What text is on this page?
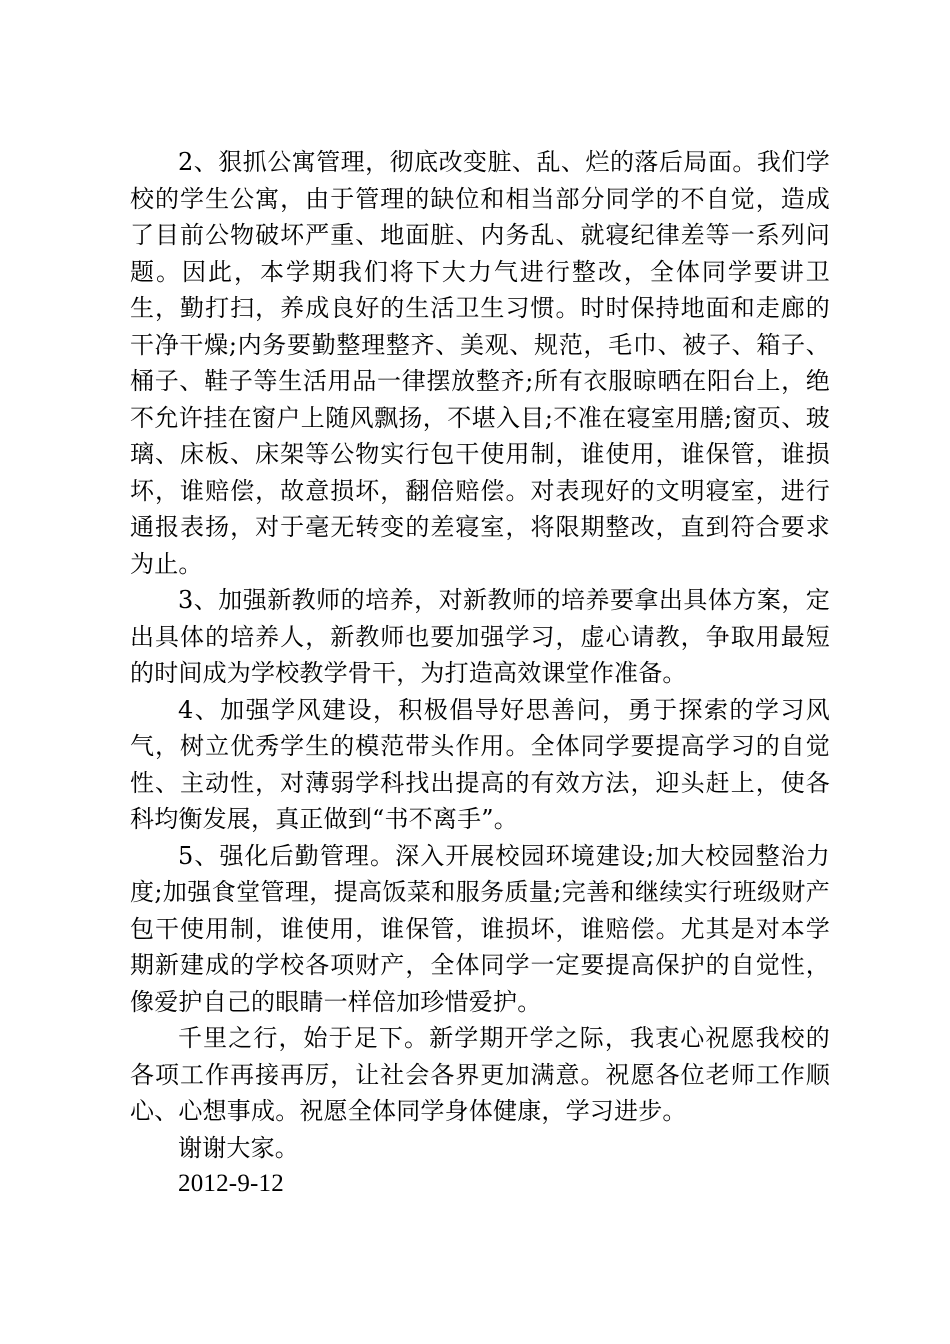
2、狠抓公寓管理，彻底改变脏、乱、烂的落后局面。我们学校的学生公寓，由于管理的缺位和相当部分同学的不自觉，造成了目前公物破坏严重、地面脏、内务乱、就寝纪律差等一系列问题。因此，本学期我们将下大力气进行整改，全体同学要讲卫生，勤打扫，养成良好的生活卫生习惯。时时保持地面和走廊的干净干燥;内务要勤整理整齐、美观、规范，毛巾、被子、箱子、桶子、鞋子等生活用品一律摆放整齐;所有衣服晾晒在阳台上，绝不允许挂在窗户上随风飘扬，不堪入目;不准在寝室用膳;窗页、玻璃、床板、床架等公物实行包干使用制，谁使用，谁保管，谁损坏，谁赔偿，故意损坏，翻倍赔偿。对表现好的文明寝室，进行通报表扬，对于毫无转变的差寝室，将限期整改，直到符合要求为止。

3、加强新教师的培养，对新教师的培养要拿出具体方案，定出具体的培养人，新教师也要加强学习，虚心请教，争取用最短的时间成为学校教学骨干，为打造高效课堂作准备。

4、加强学风建设，积极倡导好思善问，勇于探索的学习风气，树立优秀学生的模范带头作用。全体同学要提高学习的自觉性、主动性，对薄弱学科找出提高的有效方法，迎头赶上，使各科均衡发展，真正做到“书不离手”。

5、强化后勤管理。深入开展校园环境建设;加大校园整治力度;加强食堂管理，提高饭菜和服务质量;完善和继续实行班级财产包干使用制，谁使用，谁保管，谁损坏，谁赔偿。尤其是对本学期新建成的学校各项财产，全体同学一定要提高保护的自觉性，像爱护自己的眼睛一样倍加珍惜爱护。

千里之行，始于足下。新学期开学之际，我衷心祝愿我校的各项工作再接再厉，让社会各界更加满意。祝愿各位老师工作顺心、心想事成。祝愿全体同学身体健康，学习进步。

谢谢大家。

2012-9-12
